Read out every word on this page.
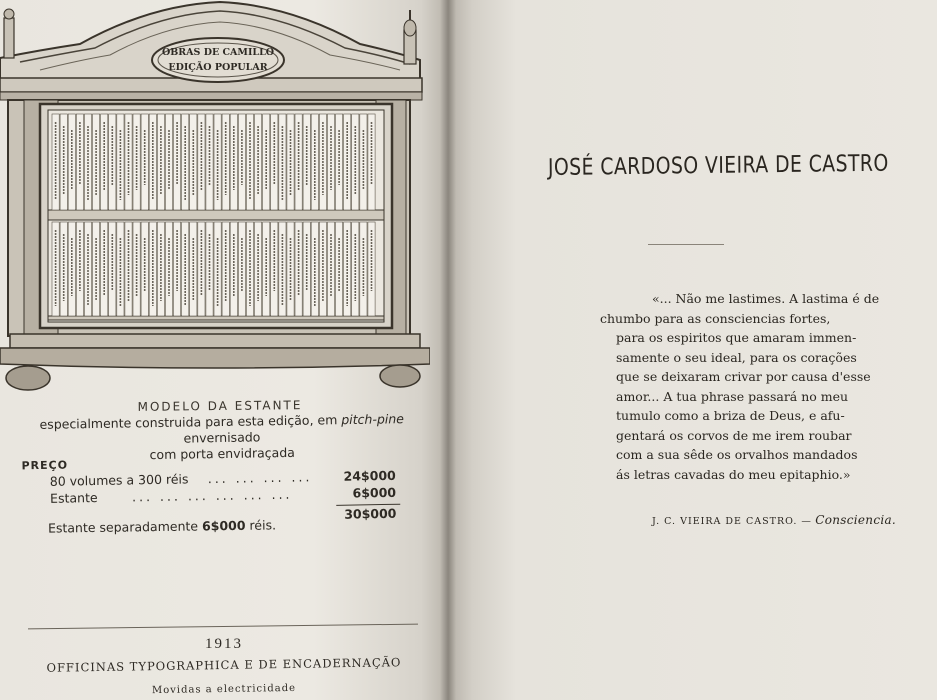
OBRAS DE CAMILLO
EDIÇÃO POPULAR
MODELO DA ESTANTE
especialmente construida para esta edição, em pitch-pine envernisado
com porta envidraçada
PREÇO
80 volumes a 300 réis ... ... ... ...	24$000
Estante	... ... ... ... ... ...	6$000
30$000
Estante separadamente 6$000 réis.
1913
OFFICINAS TYPOGRAPHICA E DE ENCADERNAÇÃO
Movidas a electricidade
JOSÉ CARDOSO VIEIRA DE CASTRO
«... Não me lastimes. A lastima é de
chumbo para as consciencias fortes,
para os espiritos que amaram immen-
samente o seu ideal, para os corações
que se deixaram crivar por causa d'esse
amor... A tua phrase passará no meu
tumulo como a briza de Deus, e afu-
gentará os corvos de me irem roubar
com a sua sêde os orvalhos mandados
ás letras cavadas do meu epitaphio.»
J. C. VIEIRA DE CASTRO. — Consciencia.
